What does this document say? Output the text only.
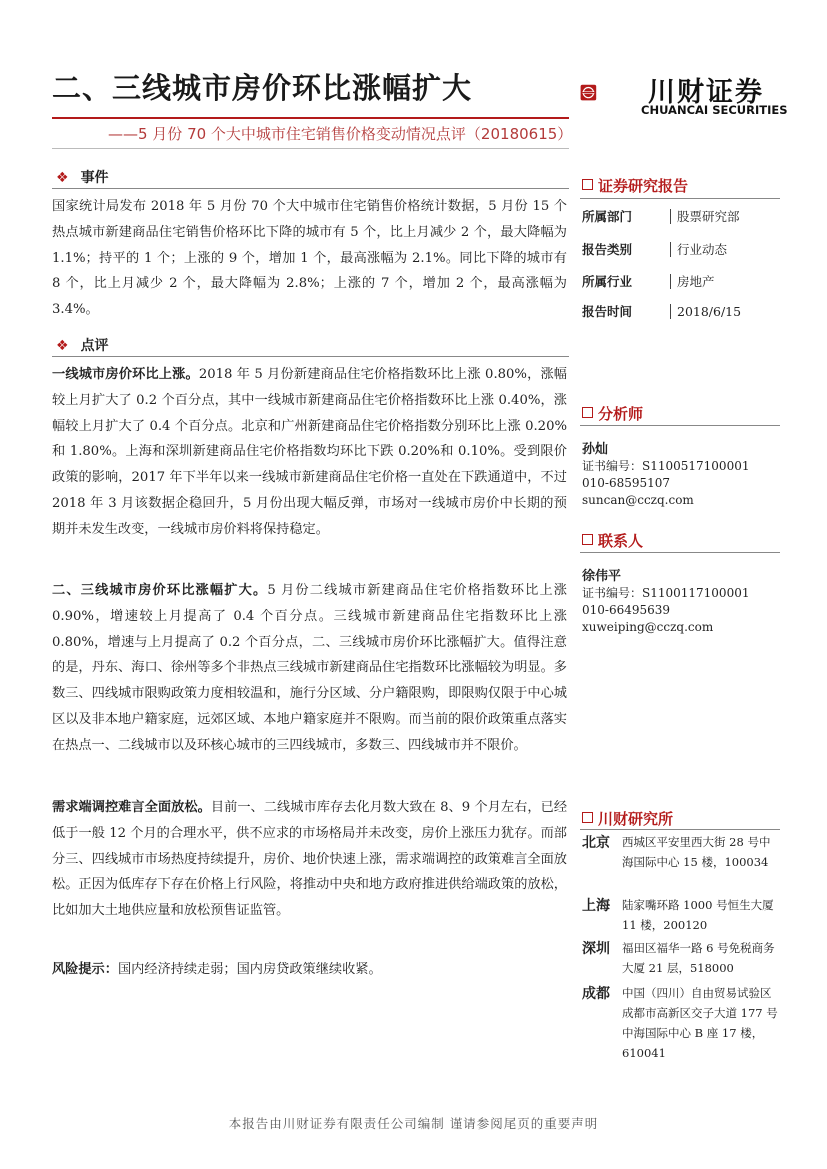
二、三线城市房价环比涨幅扩大
——5 月份 70 个大中城市住宅销售价格变动情况点评（20180615）
川财证券
CHUANCAI SECURITIES
❖ 事件
国家统计局发布 2018 年 5 月份 70 个大中城市住宅销售价格统计数据，5 月份 15 个热点城市新建商品住宅销售价格环比下降的城市有 5 个，比上月减少 2 个，最大降幅为 1.1%；持平的 1 个；上涨的 9 个，增加 1 个，最高涨幅为 2.1%。同比下降的城市有 8 个，比上月减少 2 个，最大降幅为 2.8%；上涨的 7 个，增加 2 个，最高涨幅为 3.4%。
❖ 点评
一线城市房价环比上涨。2018 年 5 月份新建商品住宅价格指数环比上涨 0.80%，涨幅较上月扩大了 0.2 个百分点，其中一线城市新建商品住宅价格指数环比上涨 0.40%，涨幅较上月扩大了 0.4 个百分点。北京和广州新建商品住宅价格指数分别环比上涨 0.20%和 1.80%。上海和深圳新建商品住宅价格指数均环比下跌 0.20%和 0.10%。受到限价政策的影响，2017 年下半年以来一线城市新建商品住宅价格一直处在下跌通道中，不过 2018 年 3 月该数据企稳回升，5 月份出现大幅反弹，市场对一线城市房价中长期的预期并未发生改变，一线城市房价料将保持稳定。
二、三线城市房价环比涨幅扩大。5 月份二线城市新建商品住宅价格指数环比上涨 0.90%，增速较上月提高了 0.4 个百分点。三线城市新建商品住宅指数环比上涨 0.80%，增速与上月提高了 0.2 个百分点，二、三线城市房价环比涨幅扩大。值得注意的是，丹东、海口、徐州等多个非热点三线城市新建商品住宅指数环比涨幅较为明显。多数三、四线城市限购政策力度相较温和，施行分区域、分户籍限购，即限购仅限于中心城区以及非本地户籍家庭，远郊区域、本地户籍家庭并不限购。而当前的限价政策重点落实在热点一、二线城市以及环核心城市的三四线城市，多数三、四线城市并不限价。
需求端调控难言全面放松。目前一、二线城市库存去化月数大致在 8、9 个月左右，已经低于一般 12 个月的合理水平，供不应求的市场格局并未改变，房价上涨压力犹存。而部分三、四线城市市场热度持续提升，房价、地价快速上涨，需求端调控的政策难言全面放松。正因为低库存下存在价格上行风险，将推动中央和地方政府推进供给端政策的放松，比如加大土地供应量和放松预售证监管。
风险提示：国内经济持续走弱；国内房贷政策继续收紧。
证券研究报告
所属部门	股票研究部
报告类别	行业动态
所属行业	房地产
报告时间	2018/6/15
分析师
孙灿
证书编号：S1100517100001
010-68595107
suncan@cczq.com
联系人
徐伟平
证书编号：S1100117100001
010-66495639
xuweiping@cczq.com
川财研究所
北京 西城区平安里西大街 28 号中海国际中心 15 楼，100034
上海 陆家嘴环路 1000 号恒生大厦 11 楼，200120
深圳 福田区福华一路 6 号免税商务大厦 21 层，518000
成都 中国（四川）自由贸易试验区成都市高新区交子大道 177 号中海国际中心 B 座 17 楼，610041
本报告由川财证券有限责任公司编制 谨请参阅尾页的重要声明
